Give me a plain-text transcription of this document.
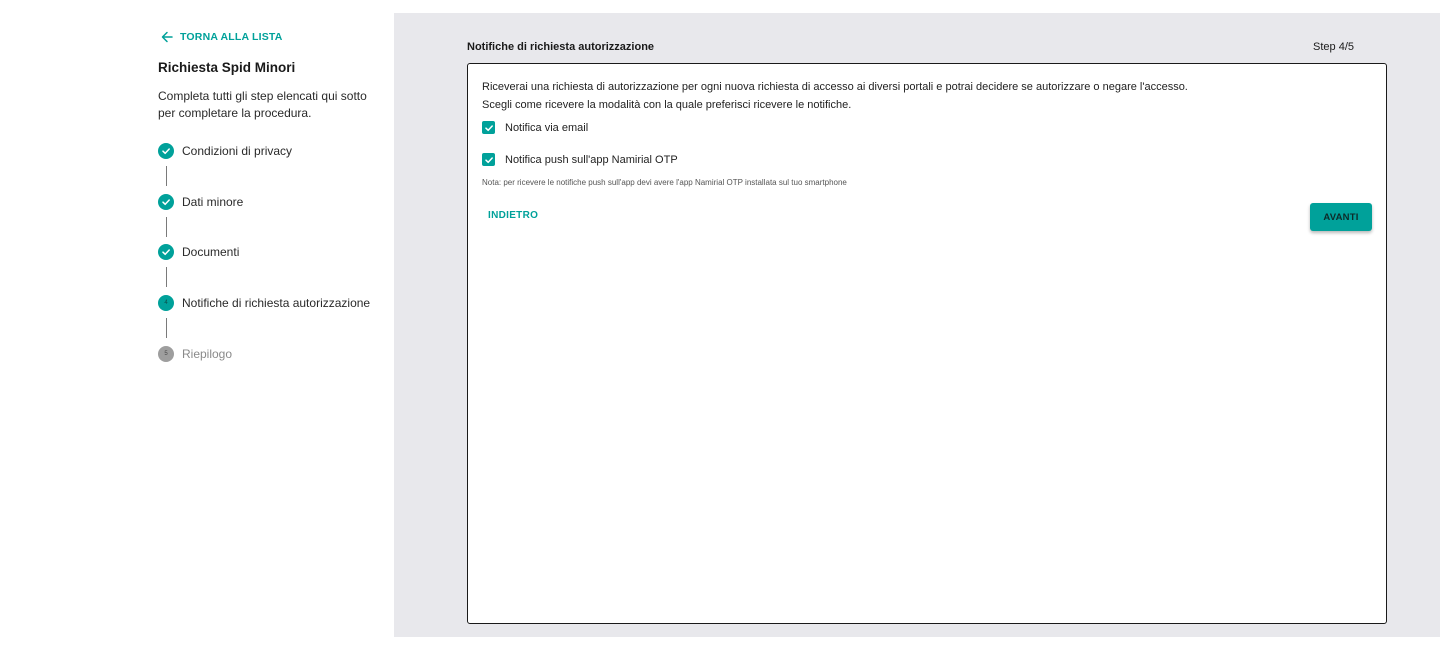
TORNA ALLA LISTA
Richiesta Spid Minori
Completa tutti gli step elencati qui sotto per completare la procedura.
Condizioni di privacy
Dati minore
Documenti
4 Notifiche di richiesta autorizzazione
5 Riepilogo
Notifiche di richiesta autorizzazione	Step 4/5
Riceverai una richiesta di autorizzazione per ogni nuova richiesta di accesso ai diversi portali e potrai decidere se autorizzare o negare l'accesso.
Scegli come ricevere la modalità con la quale preferisci ricevere le notifiche.
Notifica via email
Notifica push sull'app Namirial OTP
Nota: per ricevere le notifiche push sull'app devi avere l'app Namirial OTP installata sul tuo smartphone
INDIETRO	AVANTI
